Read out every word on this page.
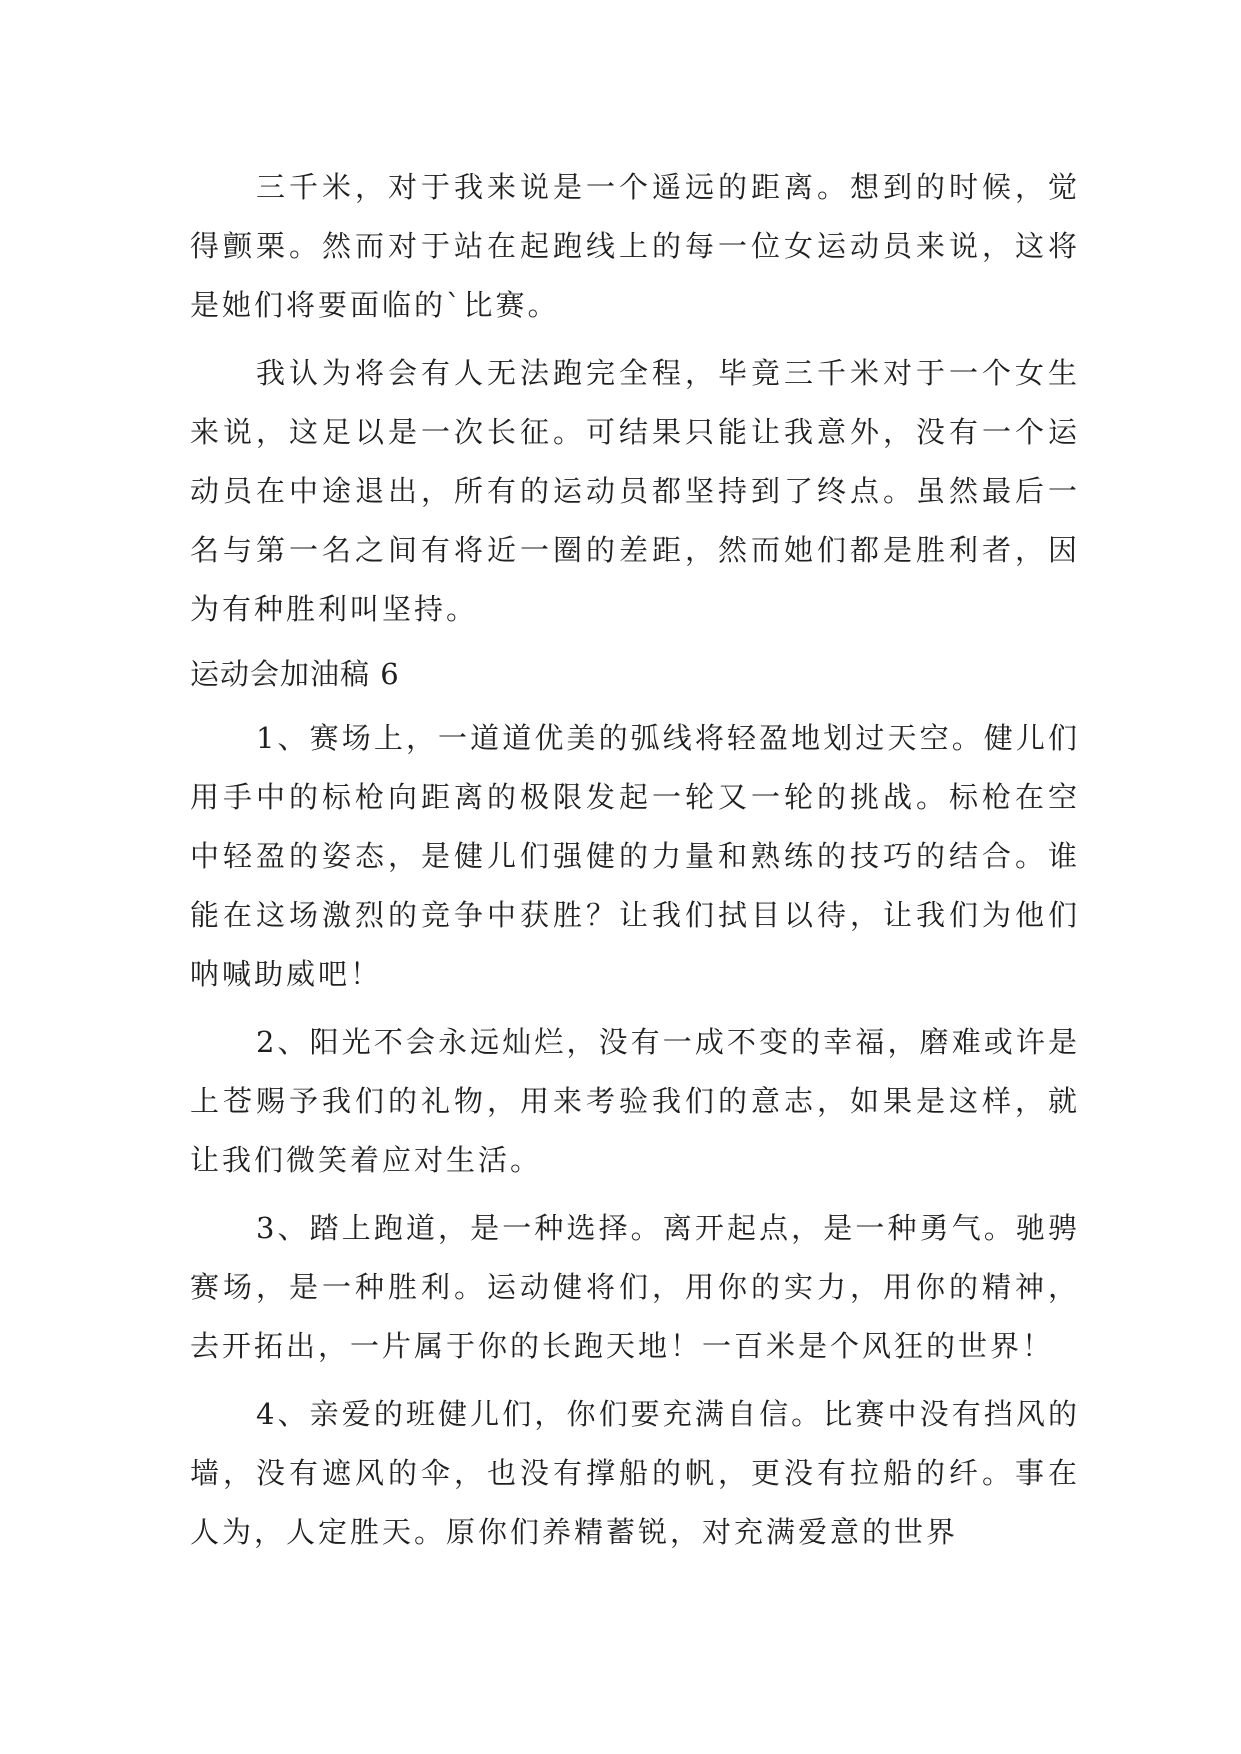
三千米，对于我来说是一个遥远的距离。想到的时候，觉得颤栗。然而对于站在起跑线上的每一位女运动员来说，这将是她们将要面临的`比赛。

我认为将会有人无法跑完全程，毕竟三千米对于一个女生来说，这足以是一次长征。可结果只能让我意外，没有一个运动员在中途退出，所有的运动员都坚持到了终点。虽然最后一名与第一名之间有将近一圈的差距，然而她们都是胜利者，因为有种胜利叫坚持。

运动会加油稿 6

1、赛场上，一道道优美的弧线将轻盈地划过天空。健儿们用手中的标枪向距离的极限发起一轮又一轮的挑战。标枪在空中轻盈的姿态，是健儿们强健的力量和熟练的技巧的结合。谁能在这场激烈的竞争中获胜？让我们拭目以待，让我们为他们呐喊助威吧！

2、阳光不会永远灿烂，没有一成不变的幸福，磨难或许是上苍赐予我们的礼物，用来考验我们的意志，如果是这样，就让我们微笑着应对生活。

3、踏上跑道，是一种选择。离开起点，是一种勇气。驰骋赛场，是一种胜利。运动健将们，用你的实力，用你的精神，去开拓出，一片属于你的长跑天地！一百米是个风狂的世界！

4、亲爱的班健儿们，你们要充满自信。比赛中没有挡风的墙，没有遮风的伞，也没有撑船的帆，更没有拉船的纤。事在人为，人定胜天。原你们养精蓄锐，对充满爱意的世界
